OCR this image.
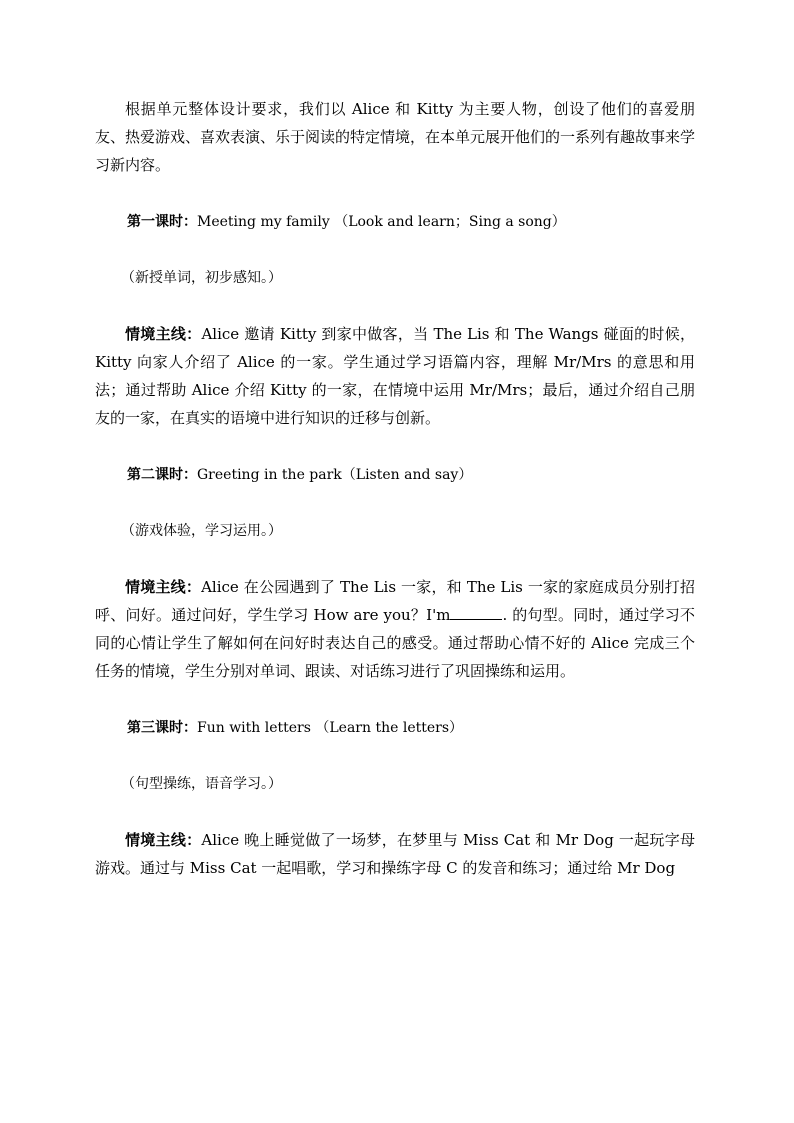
根据单元整体设计要求，我们以 Alice 和 Kitty 为主要人物，创设了他们的喜爱朋友、热爱游戏、喜欢表演、乐于阅读的特定情境，在本单元展开他们的一系列有趣故事来学习新内容。

第一课时：Meeting my family （Look and learn；Sing a song）

（新授单词，初步感知。）

情境主线：Alice 邀请 Kitty 到家中做客，当 The Lis 和 The Wangs 碰面的时候，Kitty 向家人介绍了 Alice 的一家。学生通过学习语篇内容，理解 Mr/Mrs 的意思和用法；通过帮助 Alice 介绍 Kitty 的一家，在情境中运用 Mr/Mrs；最后，通过介绍自己朋友的一家，在真实的语境中进行知识的迁移与创新。

第二课时：Greeting in the park（Listen and say）

（游戏体验，学习运用。）

情境主线：Alice 在公园遇到了 The Lis 一家，和 The Lis 一家的家庭成员分别打招呼、问好。通过问好，学生学习 How are you？I'm	. 的句型。同时，通过学习不同的心情让学生了解如何在问好时表达自己的感受。通过帮助心情不好的 Alice 完成三个任务的情境，学生分别对单词、跟读、对话练习进行了巩固操练和运用。

第三课时：Fun with letters （Learn the letters）

（句型操练，语音学习。）

情境主线：Alice 晚上睡觉做了一场梦，在梦里与 Miss Cat 和 Mr Dog 一起玩字母游戏。通过与 Miss Cat 一起唱歌，学习和操练字母 C 的发音和练习；通过给 Mr Dog
